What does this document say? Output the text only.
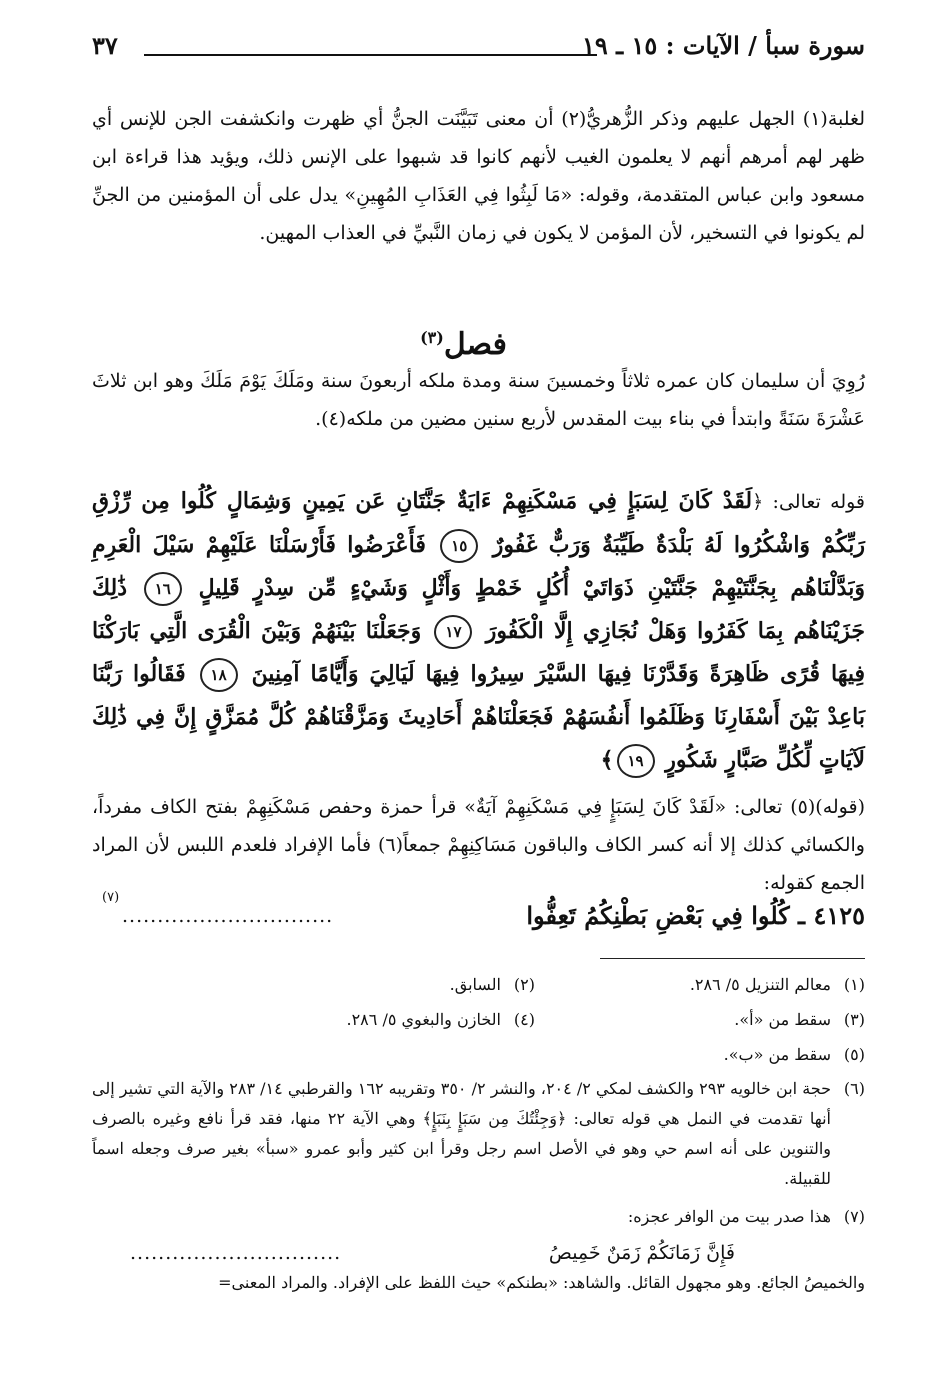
سورة سبأ / الآيات : ١٥ ـ ١٩
٣٧

لغلبة(١) الجهل عليهم وذكر الزُّهريُّ(٢) أن معنى تَبَيَّنَت الجنُّ أي ظهرت وانكشفت الجن للإنس أي ظهر لهم أمرهم أنهم لا يعلمون الغيب لأنهم كانوا قد شبهوا على الإنس ذلك، ويؤيد هذا قراءة ابن مسعود وابن عباس المتقدمة، وقوله: «مَا لَبِثُوا فِي العَذَابِ المُهِينِ» يدل على أن المؤمنين من الجنِّ لم يكونوا في التسخير، لأن المؤمن لا يكون في زمان النَّبيِّ في العذاب المهين.

فصل$^{(٣)}$

رُوِيَ أن سليمان كان عمره ثلاثاً وخمسينَ سنة ومدة ملكه أربعونَ سنة ومَلَكَ يَوْمَ مَلَكَ وهو ابن ثلاثَ عَشْرَةَ سَنَةً وابتدأ في بناء بيت المقدس لأربع سنين مضين من ملكه(٤).

قوله تعالى: ﴿لَقَدْ كَانَ لِسَبَإٍ فِي مَسْكَنِهِمْ ءَايَةٌ جَنَّتَانِ عَن يَمِينٍ وَشِمَالٍ كُلُوا مِن رِّزْقِ رَبِّكُمْ وَاشْكُرُوا لَهُ بَلْدَةٌ طَيِّبَةٌ وَرَبٌّ غَفُورٌ ١٥ فَأَعْرَضُوا فَأَرْسَلْنَا عَلَيْهِمْ سَيْلَ الْعَرِمِ وَبَدَّلْنَاهُم بِجَنَّتَيْهِمْ جَنَّتَيْنِ ذَوَاتَيْ أُكُلٍ خَمْطٍ وَأَثْلٍ وَشَيْءٍ مِّن سِدْرٍ قَلِيلٍ ١٦ ذَٰلِكَ جَزَيْنَاهُم بِمَا كَفَرُوا وَهَلْ نُجَازِي إِلَّا الْكَفُورَ ١٧ وَجَعَلْنَا بَيْنَهُمْ وَبَيْنَ الْقُرَى الَّتِي بَارَكْنَا فِيهَا قُرًى ظَاهِرَةً وَقَدَّرْنَا فِيهَا السَّيْرَ سِيرُوا فِيهَا لَيَالِيَ وَأَيَّامًا آمِنِينَ ١٨ فَقَالُوا رَبَّنَا بَاعِدْ بَيْنَ أَسْفَارِنَا وَظَلَمُوا أَنفُسَهُمْ فَجَعَلْنَاهُمْ أَحَادِيثَ وَمَزَّقْنَاهُمْ كُلَّ مُمَزَّقٍ إِنَّ فِي ذَٰلِكَ لَآيَاتٍ لِّكُلِّ صَبَّارٍ شَكُورٍ ١٩﴾

(قوله)(٥) تعالى: «لَقَدْ كَانَ لِسَبَإٍ فِي مَسْكَنِهِمْ آيَةٌ» قرأ حمزة وحفص مَسْكَنِهِمْ بفتح الكاف مفرداً، والكسائي كذلك إلا أنه كسر الكاف والباقون مَسَاكِنِهِمْ جمعاً(٦) فأما الإفراد فلعدم اللبس لأن المراد الجمع كقوله:

٤١٢٥ ـ كُلُوا فِي بَعْضِ بَطْنِكُمُ تَعِفُّوا
..............................
(٧)
(١)معالم التنزيل ٥/ ٢٨٦.
(٢)السابق.
(٣)سقط من «أ».
(٤)الخازن والبغوي ٥/ ٢٨٦.
(٥)سقط من «ب».
(٦)
حجة ابن خالويه ٢٩٣ والكشف لمكي ٢/ ٢٠٤، والنشر ٢/ ٣٥٠ وتقريبه ١٦٢ والقرطبي ١٤/ ٢٨٣ والآية التي تشير إلى أنها تقدمت في النمل هي قوله تعالى: ﴿وَجِئْتُكَ مِن سَبَإٍ بِنَبَإٍ﴾ وهي الآية ٢٢ منها، فقد قرأ نافع وغيره بالصرف والتنوين على أنه اسم حي وهو في الأصل اسم رجل وقرأ ابن كثير وأبو عمرو «سبأ» بغير صرف وجعله اسماً للقبيلة.
(٧)هذا صدر بيت من الوافر عجزه:
فَإِنَّ زَمَانَكُمْ زَمَنٌ خَمِيصُ
..............................
والخميصُ الجائع. وهو مجهول القائل. والشاهد: «بطنكم» حيث اللفظ على الإفراد. والمراد المعنى=
